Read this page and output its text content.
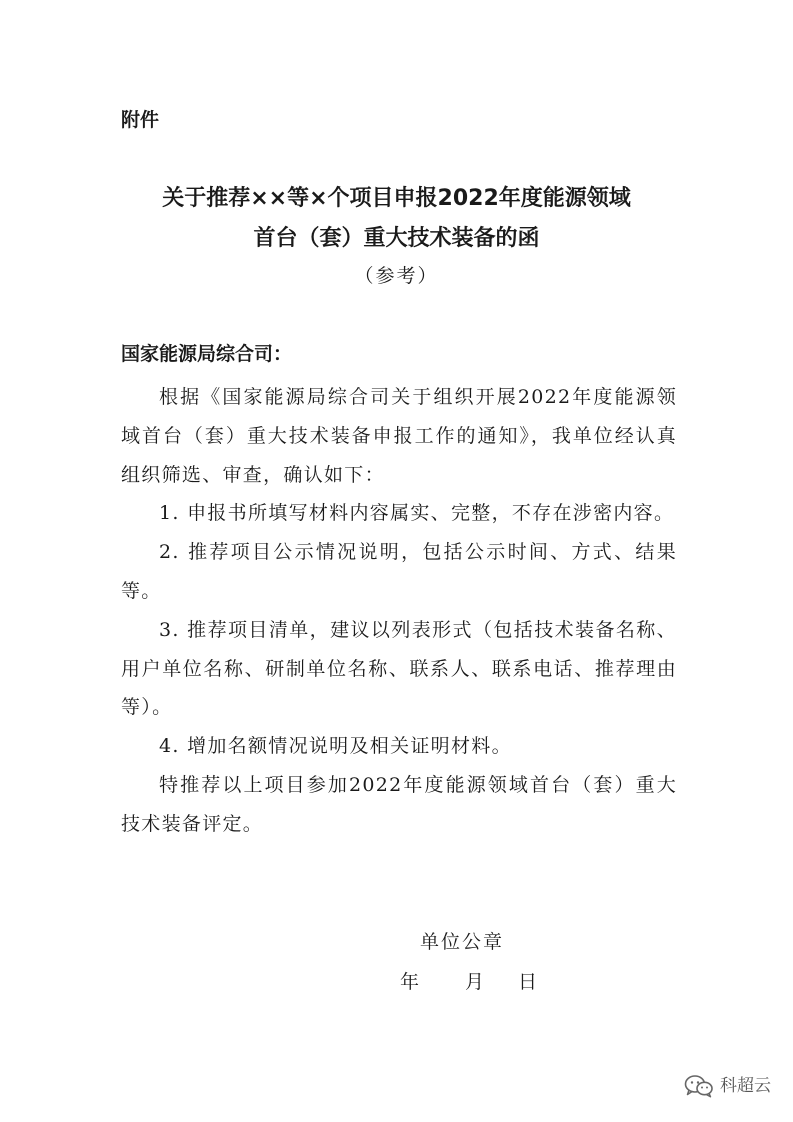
附件
关于推荐××等×个项目申报2022年度能源领域
首台（套）重大技术装备的函
（参考）
国家能源局综合司：

根据《国家能源局综合司关于组织开展2022年度能源领域首台（套）重大技术装备申报工作的通知》，我单位经认真组织筛选、审查，确认如下：

1. 申报书所填写材料内容属实、完整，不存在涉密内容。

2. 推荐项目公示情况说明，包括公示时间、方式、结果等。

3. 推荐项目清单，建议以列表形式（包括技术装备名称、用户单位名称、研制单位名称、联系人、联系电话、推荐理由等）。

4. 增加名额情况说明及相关证明材料。

特推荐以上项目参加2022年度能源领域首台（套）重大技术装备评定。

单位公章
年 月 日
科超云
